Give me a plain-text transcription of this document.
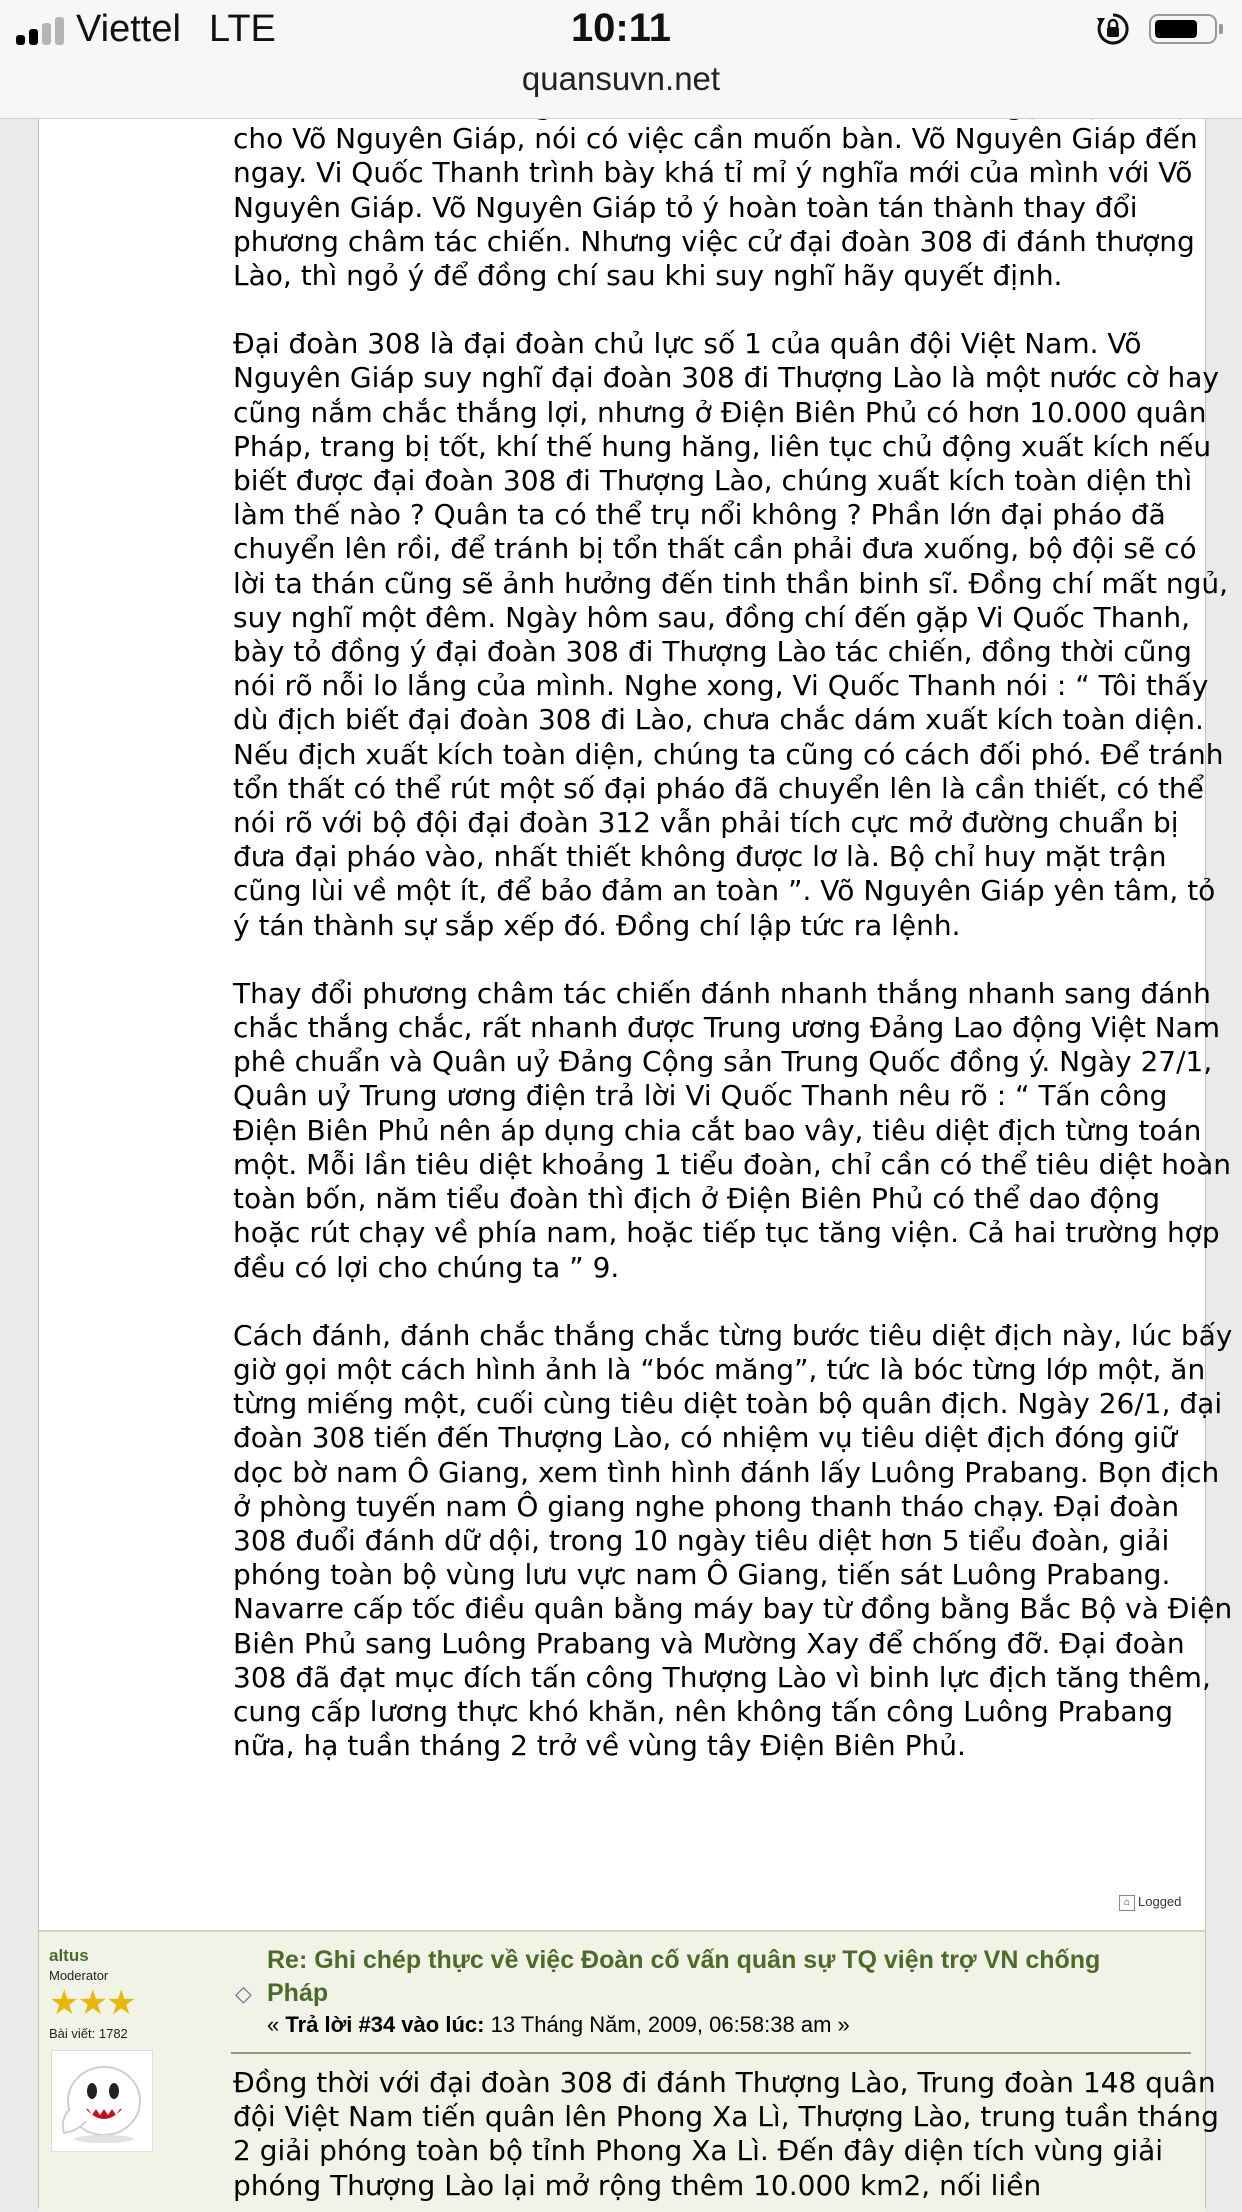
Viettel LTE	10:11
quansuvn.net

cho Võ Nguyên Giáp, nói có việc cần muốn bàn. Võ Nguyên Giáp đến ngay. Vi Quốc Thanh trình bày khá tỉ mỉ ý nghĩa mới của mình với Võ Nguyên Giáp. Võ Nguyên Giáp tỏ ý hoàn toàn tán thành thay đổi phương châm tác chiến. Nhưng việc cử đại đoàn 308 đi đánh thượng Lào, thì ngỏ ý để đồng chí sau khi suy nghĩ hãy quyết định.

Đại đoàn 308 là đại đoàn chủ lực số 1 của quân đội Việt Nam. Võ Nguyên Giáp suy nghĩ đại đoàn 308 đi Thượng Lào là một nước cờ hay cũng nắm chắc thắng lợi, nhưng ở Điện Biên Phủ có hơn 10.000 quân Pháp, trang bị tốt, khí thế hung hăng, liên tục chủ động xuất kích nếu biết được đại đoàn 308 đi Thượng Lào, chúng xuất kích toàn diện thì làm thế nào ? Quân ta có thể trụ nổi không ? Phần lớn đại pháo đã chuyển lên rồi, để tránh bị tổn thất cần phải đưa xuống, bộ đội sẽ có lời ta thán cũng sẽ ảnh hưởng đến tinh thần binh sĩ. Đồng chí mất ngủ, suy nghĩ một đêm. Ngày hôm sau, đồng chí đến gặp Vi Quốc Thanh, bày tỏ đồng ý đại đoàn 308 đi Thượng Lào tác chiến, đồng thời cũng nói rõ nỗi lo lắng của mình. Nghe xong, Vi Quốc Thanh nói : “ Tôi thấy dù địch biết đại đoàn 308 đi Lào, chưa chắc dám xuất kích toàn diện. Nếu địch xuất kích toàn diện, chúng ta cũng có cách đối phó. Để tránh tổn thất có thể rút một số đại pháo đã chuyển lên là cần thiết, có thể nói rõ với bộ đội đại đoàn 312 vẫn phải tích cực mở đường chuẩn bị đưa đại pháo vào, nhất thiết không được lơ là. Bộ chỉ huy mặt trận cũng lùi về một ít, để bảo đảm an toàn ”. Võ Nguyên Giáp yên tâm, tỏ ý tán thành sự sắp xếp đó. Đồng chí lập tức ra lệnh.

Thay đổi phương châm tác chiến đánh nhanh thắng nhanh sang đánh chắc thắng chắc, rất nhanh được Trung ương Đảng Lao động Việt Nam phê chuẩn và Quân uỷ Đảng Cộng sản Trung Quốc đồng ý. Ngày 27/1, Quân uỷ Trung ương điện trả lời Vi Quốc Thanh nêu rõ : “ Tấn công Điện Biên Phủ nên áp dụng chia cắt bao vây, tiêu diệt địch từng toán một. Mỗi lần tiêu diệt khoảng 1 tiểu đoàn, chỉ cần có thể tiêu diệt hoàn toàn bốn, năm tiểu đoàn thì địch ở Điện Biên Phủ có thể dao động hoặc rút chạy về phía nam, hoặc tiếp tục tăng viện. Cả hai trường hợp đều có lợi cho chúng ta ” 9.

Cách đánh, đánh chắc thắng chắc từng bước tiêu diệt địch này, lúc bấy giờ gọi một cách hình ảnh là “bóc măng”, tức là bóc từng lớp một, ăn từng miếng một, cuối cùng tiêu diệt toàn bộ quân địch. Ngày 26/1, đại đoàn 308 tiến đến Thượng Lào, có nhiệm vụ tiêu diệt địch đóng giữ dọc bờ nam Ô Giang, xem tình hình đánh lấy Luông Prabang. Bọn địch ở phòng tuyến nam Ô giang nghe phong thanh tháo chạy. Đại đoàn 308 đuổi đánh dữ dội, trong 10 ngày tiêu diệt hơn 5 tiểu đoàn, giải phóng toàn bộ vùng lưu vực nam Ô Giang, tiến sát Luông Prabang. Navarre cấp tốc điều quân bằng máy bay từ đồng bằng Bắc Bộ và Điện Biên Phủ sang Luông Prabang và Mường Xay để chống đỡ. Đại đoàn 308 đã đạt mục đích tấn công Thượng Lào vì binh lực địch tăng thêm, cung cấp lương thực khó khăn, nên không tấn công Luông Prabang nữa, hạ tuần tháng 2 trở về vùng tây Điện Biên Phủ.

⌂ Logged
altus
Moderator
★★★
Bài viết: 1782
◇
Re: Ghi chép thực về việc Đoàn cố vấn quân sự TQ viện trợ VN chống Pháp
« Trả lời #34 vào lúc: 13 Tháng Năm, 2009, 06:58:38 am »
Đồng thời với đại đoàn 308 đi đánh Thượng Lào, Trung đoàn 148 quân đội Việt Nam tiến quân lên Phong Xa Lì, Thượng Lào, trung tuần tháng 2 giải phóng toàn bộ tỉnh Phong Xa Lì. Đến đây diện tích vùng giải phóng Thượng Lào lại mở rộng thêm 10.000 km2, nối liền
